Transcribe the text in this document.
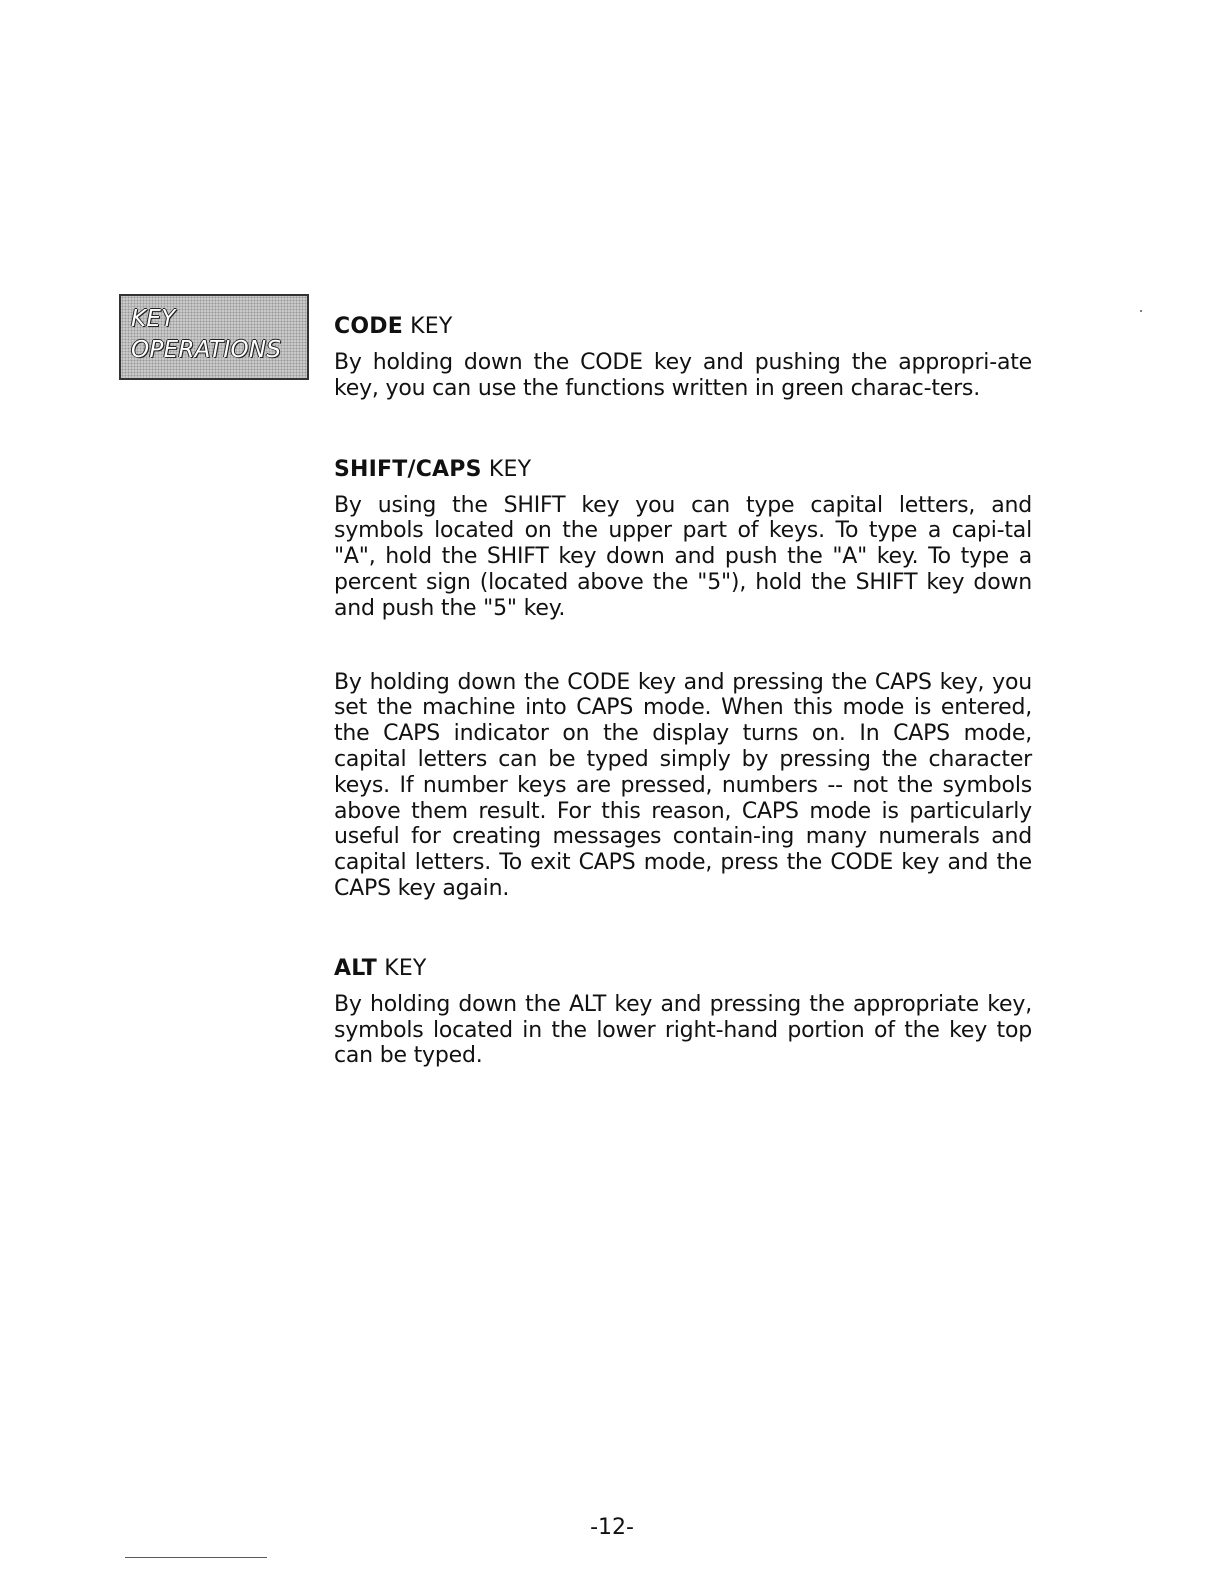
KEY
OPERATIONS
CODE KEY

By holding down the CODE key and pushing the appropri-ate key, you can use the functions written in green charac-ters.

SHIFT/CAPS KEY

By using the SHIFT key you can type capital letters, and symbols located on the upper part of keys. To type a capi-tal "A", hold the SHIFT key down and push the "A" key. To type a percent sign (located above the "5"), hold the SHIFT key down and push the "5" key.

By holding down the CODE key and pressing the CAPS key, you set the machine into CAPS mode. When this mode is entered, the CAPS indicator on the display turns on. In CAPS mode, capital letters can be typed simply by pressing the character keys. If number keys are pressed, numbers -- not the symbols above them result. For this reason, CAPS mode is particularly useful for creating messages contain-ing many numerals and capital letters. To exit CAPS mode, press the CODE key and the CAPS key again.

ALT KEY

By holding down the ALT key and pressing the appropriate key, symbols located in the lower right-hand portion of the key top can be typed.

-12-
